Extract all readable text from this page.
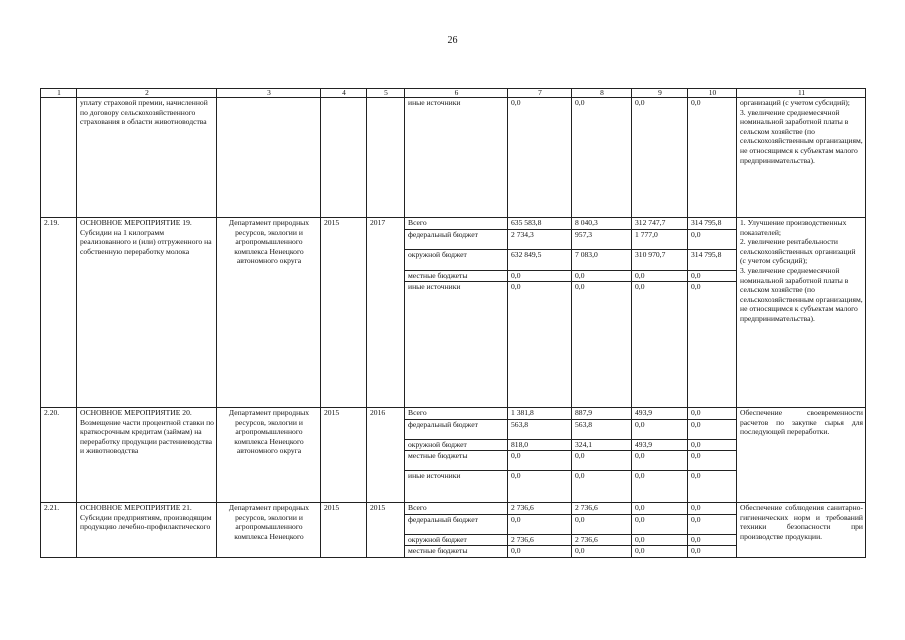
26
1	2	3	4	5	6	7	8	9	10	11
	уплату страховой премии, начисленной по договору сельскохозяйственного страхования в области животноводства				иные источники	0,0	0,0	0,0	0,0	организаций (с учетом субсидий);
3. увеличение среднемесячной номинальной заработной платы в сельском хозяйстве (по сельскохозяйственным организациям, не относящимся к субъектам малого предпринимательства).
2.19.	ОСНОВНОЕ МЕРОПРИЯТИЕ 19. Субсидии на 1 килограмм реализованного и (или) отгруженного на собственную переработку молока	Департамент природных ресурсов, экологии и агропромышленного комплекса Ненецкого автономного округа	2015	2017	Всего	635 583,8	8 040,3	312 747,7	314 795,8	1. Улучшение производственных показателей;
2. увеличение рентабельности сельскохозяйственных организаций (с учетом субсидий);
3. увеличение среднемесячной номинальной заработной платы в сельском хозяйстве (по сельскохозяйственным организациям, не относящимся к субъектам малого предпринимательства).
					федеральный бюджет	2 734,3	957,3	1 777,0	0,0	
					окружной бюджет	632 849,5	7 083,0	310 970,7	314 795,8	
					местные бюджеты	0,0	0,0	0,0	0,0	
					иные источники	0,0	0,0	0,0	0,0	
2.20.	ОСНОВНОЕ МЕРОПРИЯТИЕ 20. Возмещение части процентной ставки по краткосрочным кредитам (займам) на переработку продукции растениеводства и животноводства	Департамент природных ресурсов, экологии и агропромышленного комплекса Ненецкого автономного округа	2015	2016	Всего	1 381,8	887,9	493,9	0,0	Обеспечение своевременности расчетов по закупке сырья для последующей переработки.
					федеральный бюджет	563,8	563,8	0,0	0,0	
					окружной бюджет	818,0	324,1	493,9	0,0	
					местные бюджеты	0,0	0,0	0,0	0,0	
					иные источники	0,0	0,0	0,0	0,0	
2.21.	ОСНОВНОЕ МЕРОПРИЯТИЕ 21. Субсидии предприятиям, производящим продукцию лечебно-профилактического	Департамент природных ресурсов, экологии и агропромышленного комплекса Ненецкого	2015	2015	Всего	2 736,6	2 736,6	0,0	0,0	Обеспечение соблюдения санитарно-гигиенических норм и требований техники безопасности при производстве продукции.
					федеральный бюджет	0,0	0,0	0,0	0,0	
					окружной бюджет	2 736,6	2 736,6	0,0	0,0	
					местные бюджеты	0,0	0,0	0,0	0,0	
